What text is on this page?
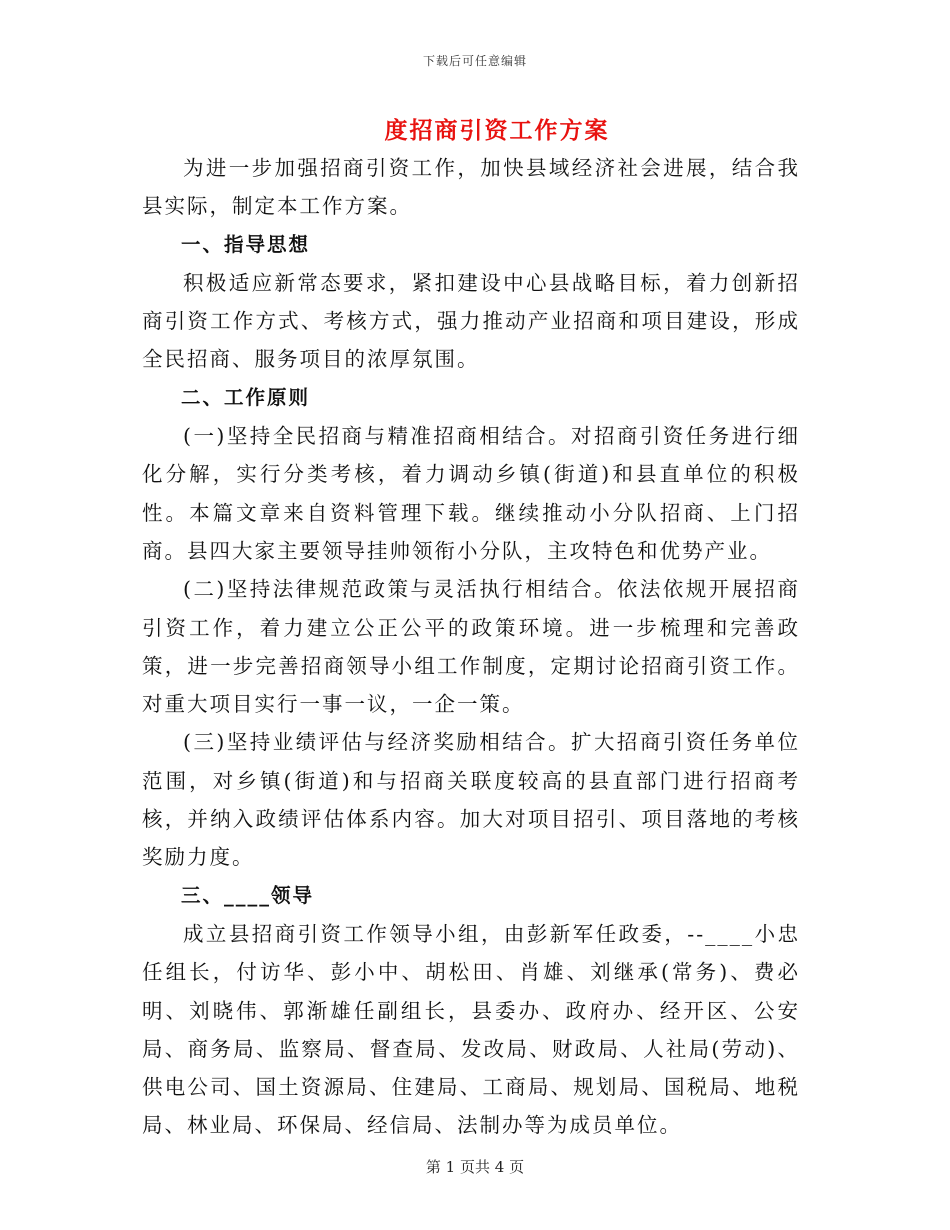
下载后可任意编辑
度招商引资工作方案

为进一步加强招商引资工作，加快县域经济社会进展，结合我县实际，制定本工作方案。

一、指导思想

积极适应新常态要求，紧扣建设中心县战略目标，着力创新招商引资工作方式、考核方式，强力推动产业招商和项目建设，形成全民招商、服务项目的浓厚氛围。

二、工作原则

(一)坚持全民招商与精准招商相结合。对招商引资任务进行细化分解，实行分类考核，着力调动乡镇(街道)和县直单位的积极性。本篇文章来自资料管理下载。继续推动小分队招商、上门招商。县四大家主要领导挂帅领衔小分队，主攻特色和优势产业。

(二)坚持法律规范政策与灵活执行相结合。依法依规开展招商引资工作，着力建立公正公平的政策环境。进一步梳理和完善政策，进一步完善招商领导小组工作制度，定期讨论招商引资工作。对重大项目实行一事一议，一企一策。

(三)坚持业绩评估与经济奖励相结合。扩大招商引资任务单位范围，对乡镇(街道)和与招商关联度较高的县直部门进行招商考核，并纳入政绩评估体系内容。加大对项目招引、项目落地的考核奖励力度。

三、____领导

成立县招商引资工作领导小组，由彭新军任政委，--____小忠任组长，付访华、彭小中、胡松田、肖雄、刘继承(常务)、费必明、刘晓伟、郭渐雄任副组长，县委办、政府办、经开区、公安局、商务局、监察局、督查局、发改局、财政局、人社局(劳动)、供电公司、国土资源局、住建局、工商局、规划局、国税局、地税局、林业局、环保局、经信局、法制办等为成员单位。

第 1 页共 4 页
